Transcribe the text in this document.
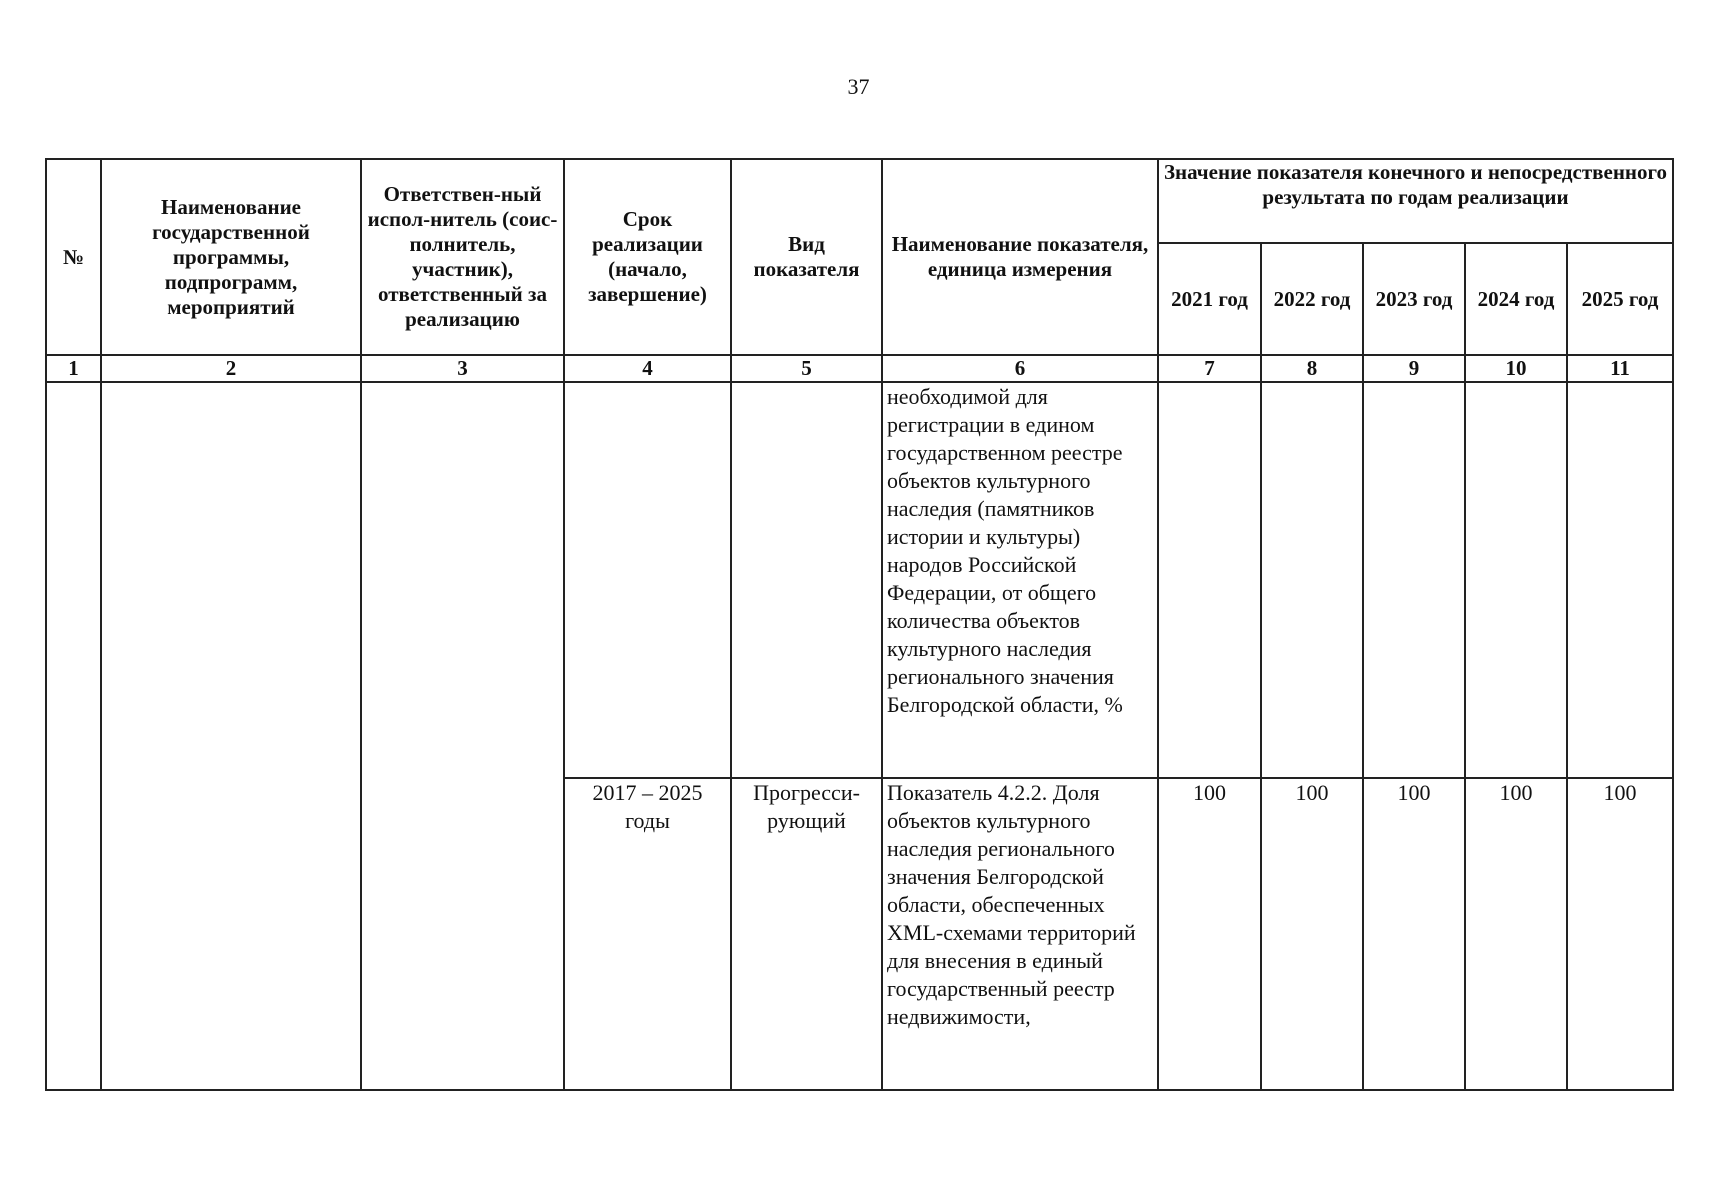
37
№	Наименование государственной программы, подпрограмм, мероприятий	Ответствен-ный испол-нитель (соис-полнитель, участник), ответственный за реализацию	Срок реализации (начало, завершение)	Вид показателя	Наименование показателя, единица измерения	Значение показателя конечного и непосредственного результата по годам реализации				
						2021 год	2022 год	2023 год	2024 год	2025 год
1	2	3	4	5	6	7	8	9	10	11
					необходимой для регистрации в едином государственном реестре объектов культурного наследия (памятников истории и культуры) народов Российской Федерации, от общего количества объектов культурного наследия регионального значения Белгородской области, %					
			2017 – 2025 годы	Прогресси-рующий	Показатель 4.2.2. Доля объектов культурного наследия регионального значения Белгородской области, обеспеченных XML-схемами территорий для внесения в единый государственный реестр недвижимости,	100	100	100	100	100
